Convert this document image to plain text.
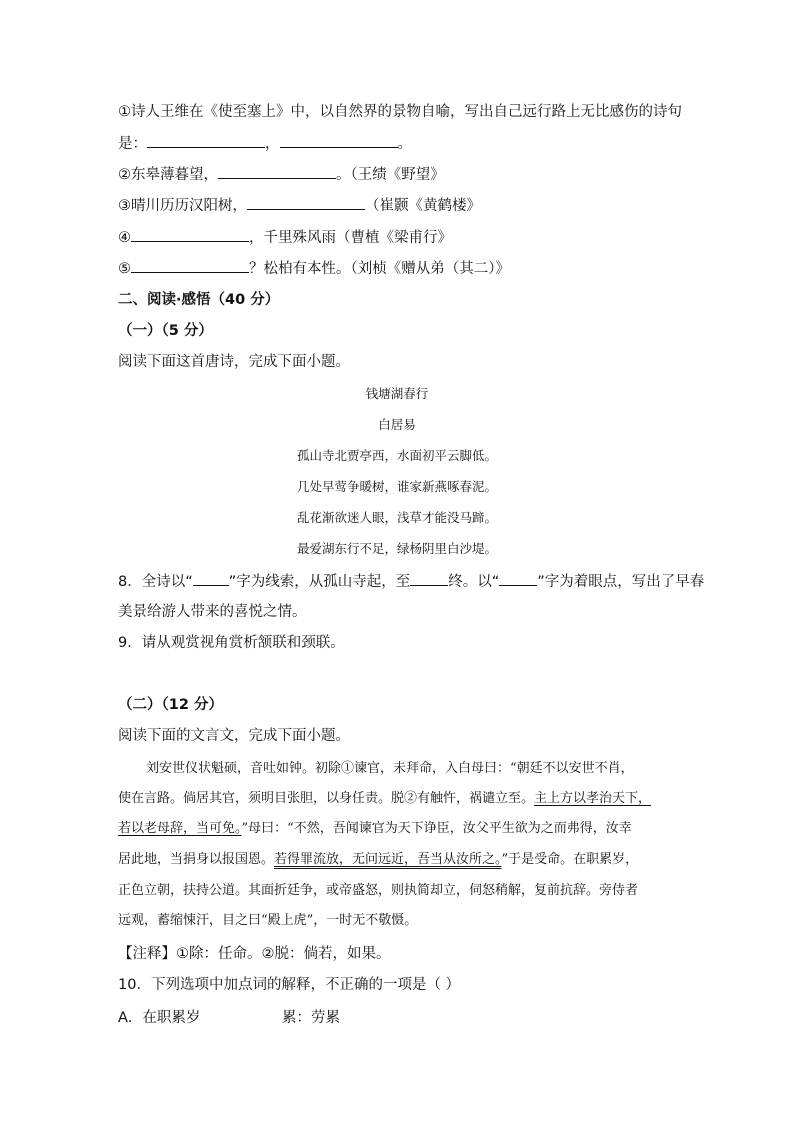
①诗人王维在《使至塞上》中，以自然界的景物自喻，写出自己远行路上无比感伤的诗句
是：	，	。
②东皋薄暮望，	。（王绩《野望》
③晴川历历汉阳树，	（崔颢《黄鹤楼》
④	，千里殊风雨（曹植《梁甫行》
⑤	？松柏有本性。（刘桢《赠从弟（其二）》
二、阅读·感悟（40 分）
（一）（5 分）
阅读下面这首唐诗，完成下面小题。
钱塘湖春行
白居易
孤山寺北贾亭西，水面初平云脚低。
几处早莺争暖树，谁家新燕啄春泥。
乱花渐欲迷人眼，浅草才能没马蹄。
最爱湖东行不足，绿杨阴里白沙堤。
8．全诗以“ ”字为线索，从孤山寺起，至	终。以“	”字为着眼点，写出了早春
美景给游人带来的喜悦之情。
9．请从观赏视角赏析颔联和颈联。
（二）（12 分）
阅读下面的文言文，完成下面小题。
刘安世仪状魁硕，音吐如钟。初除①谏官，未拜命，入白母曰：“朝廷不以安世不肖，
使在言路。倘居其官，须明目张胆，以身任责。脱②有触忤，祸谴立至。主上方以孝治天下，
若以老母辞，当可免。”母曰：“不然，吾闻谏官为天下诤臣，汝父平生欲为之而弗得，汝幸
居此地，当捐身以报国恩。若得罪流放，无问远近，吾当从汝所之。”于是受命。在职累岁，
正色立朝，扶持公道。其面折廷争，或帝盛怒，则执简却立，伺怒稍解，复前抗辞。旁侍者
远观，蓄缩悚汗，目之曰“殿上虎”，一时无不敬慑。
【注释】①除：任命。②脱：倘若，如果。
10．下列选项中加点词的解释，不正确的一项是（ ）
A．在职累岁	累：劳累
